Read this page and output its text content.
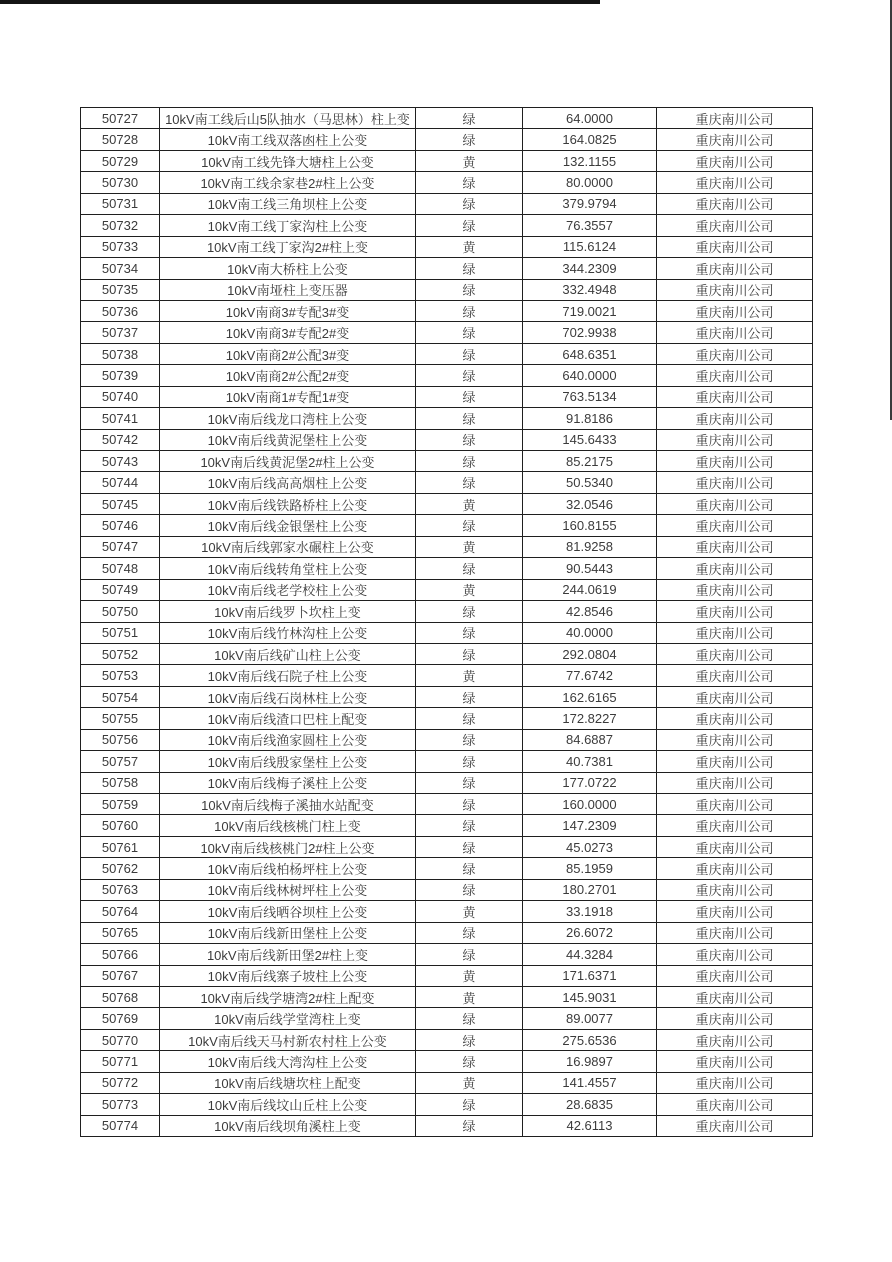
50727	10kV南工线后山5队抽水（马思林）柱上变	绿	64.0000	重庆南川公司
50728	10kV南工线双落凼柱上公变	绿	164.0825	重庆南川公司
50729	10kV南工线先锋大塘柱上公变	黄	132.1155	重庆南川公司
50730	10kV南工线余家巷2#柱上公变	绿	80.0000	重庆南川公司
50731	10kV南工线三角坝柱上公变	绿	379.9794	重庆南川公司
50732	10kV南工线丁家沟柱上公变	绿	76.3557	重庆南川公司
50733	10kV南工线丁家沟2#柱上变	黄	115.6124	重庆南川公司
50734	10kV南大桥柱上公变	绿	344.2309	重庆南川公司
50735	10kV南垭柱上变压器	绿	332.4948	重庆南川公司
50736	10kV南商3#专配3#变	绿	719.0021	重庆南川公司
50737	10kV南商3#专配2#变	绿	702.9938	重庆南川公司
50738	10kV南商2#公配3#变	绿	648.6351	重庆南川公司
50739	10kV南商2#公配2#变	绿	640.0000	重庆南川公司
50740	10kV南商1#专配1#变	绿	763.5134	重庆南川公司
50741	10kV南后线龙口湾柱上公变	绿	91.8186	重庆南川公司
50742	10kV南后线黄泥堡柱上公变	绿	145.6433	重庆南川公司
50743	10kV南后线黄泥堡2#柱上公变	绿	85.2175	重庆南川公司
50744	10kV南后线高高烟柱上公变	绿	50.5340	重庆南川公司
50745	10kV南后线铁路桥柱上公变	黄	32.0546	重庆南川公司
50746	10kV南后线金银堡柱上公变	绿	160.8155	重庆南川公司
50747	10kV南后线郭家水碾柱上公变	黄	81.9258	重庆南川公司
50748	10kV南后线转角堂柱上公变	绿	90.5443	重庆南川公司
50749	10kV南后线老学校柱上公变	黄	244.0619	重庆南川公司
50750	10kV南后线罗卜坎柱上变	绿	42.8546	重庆南川公司
50751	10kV南后线竹林沟柱上公变	绿	40.0000	重庆南川公司
50752	10kV南后线矿山柱上公变	绿	292.0804	重庆南川公司
50753	10kV南后线石院子柱上公变	黄	77.6742	重庆南川公司
50754	10kV南后线石岗林柱上公变	绿	162.6165	重庆南川公司
50755	10kV南后线渣口巴柱上配变	绿	172.8227	重庆南川公司
50756	10kV南后线渔家圆柱上公变	绿	84.6887	重庆南川公司
50757	10kV南后线殷家堡柱上公变	绿	40.7381	重庆南川公司
50758	10kV南后线梅子溪柱上公变	绿	177.0722	重庆南川公司
50759	10kV南后线梅子溪抽水站配变	绿	160.0000	重庆南川公司
50760	10kV南后线核桃门柱上变	绿	147.2309	重庆南川公司
50761	10kV南后线核桃门2#柱上公变	绿	45.0273	重庆南川公司
50762	10kV南后线柏杨坪柱上公变	绿	85.1959	重庆南川公司
50763	10kV南后线林树坪柱上公变	绿	180.2701	重庆南川公司
50764	10kV南后线晒谷坝柱上公变	黄	33.1918	重庆南川公司
50765	10kV南后线新田堡柱上公变	绿	26.6072	重庆南川公司
50766	10kV南后线新田堡2#柱上变	绿	44.3284	重庆南川公司
50767	10kV南后线寨子坡柱上公变	黄	171.6371	重庆南川公司
50768	10kV南后线学塘湾2#柱上配变	黄	145.9031	重庆南川公司
50769	10kV南后线学堂湾柱上变	绿	89.0077	重庆南川公司
50770	10kV南后线天马村新农村柱上公变	绿	275.6536	重庆南川公司
50771	10kV南后线大湾沟柱上公变	绿	16.9897	重庆南川公司
50772	10kV南后线塘坎柱上配变	黄	141.4557	重庆南川公司
50773	10kV南后线坟山丘柱上公变	绿	28.6835	重庆南川公司
50774	10kV南后线坝角溪柱上变	绿	42.6113	重庆南川公司
